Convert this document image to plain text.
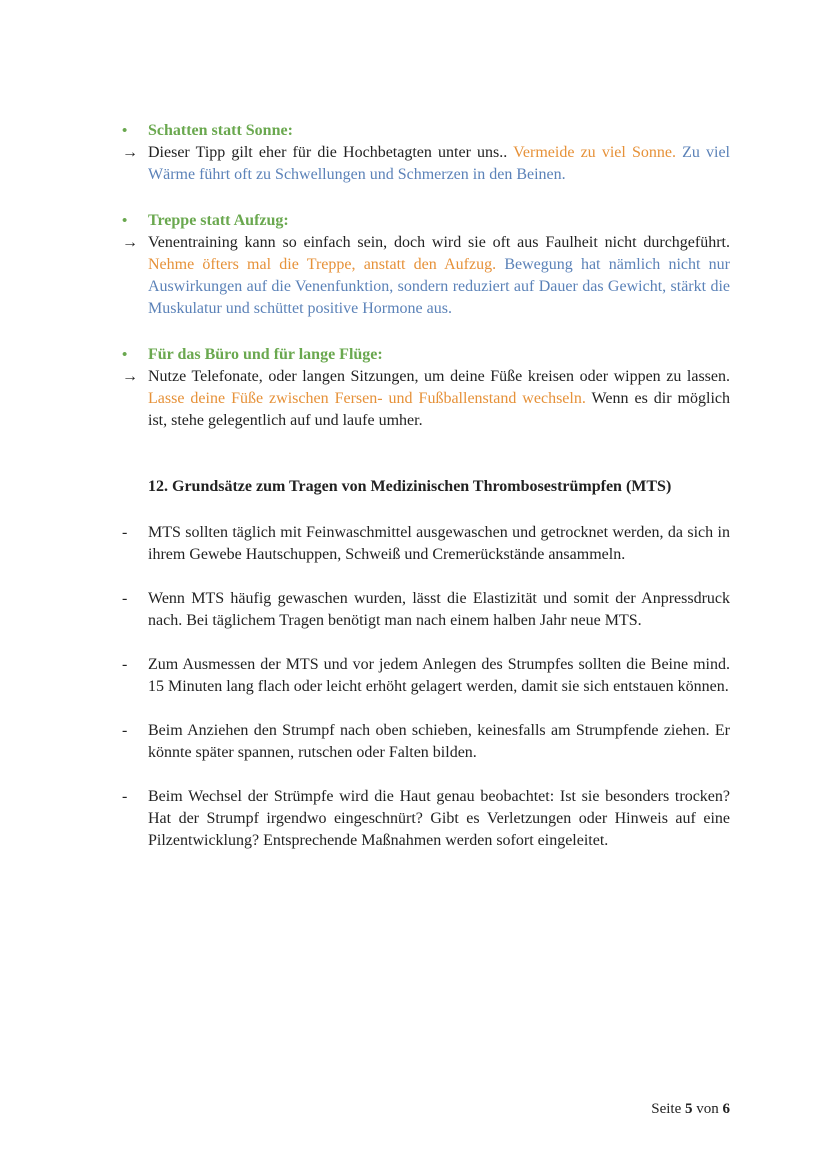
•	Schatten statt Sonne:
→ Dieser Tipp gilt eher für die Hochbetagten unter uns.. Vermeide zu viel Sonne. Zu viel Wärme führt oft zu Schwellungen und Schmerzen in den Beinen.
•	Treppe statt Aufzug:
→ Venentraining kann so einfach sein, doch wird sie oft aus Faulheit nicht durchgeführt. Nehme öfters mal die Treppe, anstatt den Aufzug. Bewegung hat nämlich nicht nur Auswirkungen auf die Venenfunktion, sondern reduziert auf Dauer das Gewicht, stärkt die Muskulatur und schüttet positive Hormone aus.
•	Für das Büro und für lange Flüge:
→ Nutze Telefonate, oder langen Sitzungen, um deine Füße kreisen oder wippen zu lassen. Lasse deine Füße zwischen Fersen- und Fußballenstand wechseln. Wenn es dir möglich ist, stehe gelegentlich auf und laufe umher.
12. Grundsätze zum Tragen von Medizinischen Thrombosestrümpfen (MTS)
-	MTS sollten täglich mit Feinwaschmittel ausgewaschen und getrocknet werden, da sich in ihrem Gewebe Hautschuppen, Schweiß und Cremerückstände ansammeln.
-	Wenn MTS häufig gewaschen wurden, lässt die Elastizität und somit der Anpressdruck nach. Bei täglichem Tragen benötigt man nach einem halben Jahr neue MTS.
-	Zum Ausmessen der MTS und vor jedem Anlegen des Strumpfes sollten die Beine mind. 15 Minuten lang flach oder leicht erhöht gelagert werden, damit sie sich entstauen können.
-	Beim Anziehen den Strumpf nach oben schieben, keinesfalls am Strumpfende ziehen. Er könnte später spannen, rutschen oder Falten bilden.
-	Beim Wechsel der Strümpfe wird die Haut genau beobachtet: Ist sie besonders trocken? Hat der Strumpf irgendwo eingeschnürt? Gibt es Verletzungen oder Hinweis auf eine Pilzentwicklung? Entsprechende Maßnahmen werden sofort eingeleitet.
Seite 5 von 6
